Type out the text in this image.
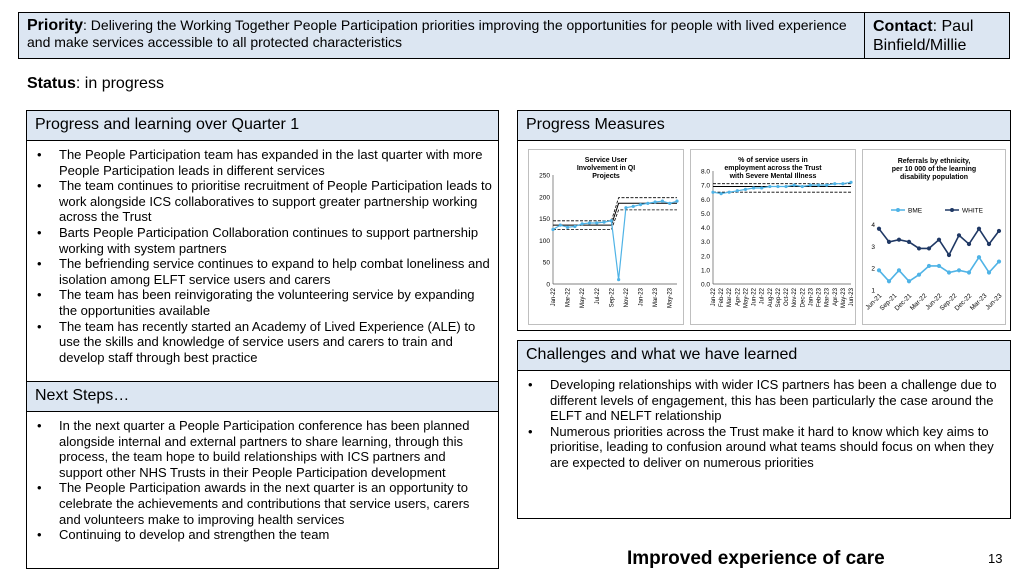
Priority: Delivering the Working Together People Participation priorities improving the opportunities for people with lived experience and make services accessible to all protected characteristics
Contact: Paul Binfield/Millie
Status: in progress
Progress and learning over Quarter 1
• The People Participation team has expanded in the last quarter with more People Participation leads in different services
• The team continues to prioritise recruitment of People Participation leads to work alongside ICS collaboratives to support greater partnership working across the Trust
• Barts People Participation Collaboration continues to support partnership working with system partners
• The befriending service continues to expand to help combat loneliness and isolation among ELFT service users and carers
• The team has been reinvigorating the volunteering service by expanding the opportunities available
• The team has recently started an Academy of Lived Experience (ALE) to use the skills and knowledge of service users and carers to train and develop staff through best practice
Next Steps…
• In the next quarter a People Participation conference has been planned alongside internal and external partners to share learning, through this process, the team hope to build relationships with ICS partners and support other NHS Trusts in their People Participation development
• The People Participation awards in the next quarter is an opportunity to celebrate the achievements and contributions that service users, carers and volunteers make to improving health services
• Continuing to develop and strengthen the team
Progress Measures
Service User
Involvement in QI
Projects
0
50
100
150
200
250
Jan-22 Mar-22 May-22 Jul-22 Sep-22 Nov-22 Jan-23 Mar-23 May-23
% of service users in
employment across the Trust
with Severe Mental Illness
0.0
1.0
2.0
3.0
4.0
5.0
6.0
7.0
8.0
Jan-22 Feb-22 Mar-22 Apr-22 May-22 Jun-22 Jul-22 Aug-22 Sep-22 Oct-22 Nov-22 Dec-22 Jan-23 Feb-23 Mar-23 Apr-23 May-23 Jun-23
Referrals by ethnicity,
per 10 000 of the learning
disability population
1
2
3
4
BME	WHITE
Jun-21
Sep-21
Dec-21
Mar-22
Jun-22
Sep-22
Dec-22
Mar-23
Jun-23
Challenges and what we have learned
• Developing relationships with wider ICS partners has been a challenge due to different levels of engagement, this has been particularly the case around the ELFT and NELFT relationship
• Numerous priorities across the Trust make it hard to know which key aims to prioritise, leading to confusion around what teams should focus on when they are expected to deliver on numerous priorities
Improved experience of care	13
